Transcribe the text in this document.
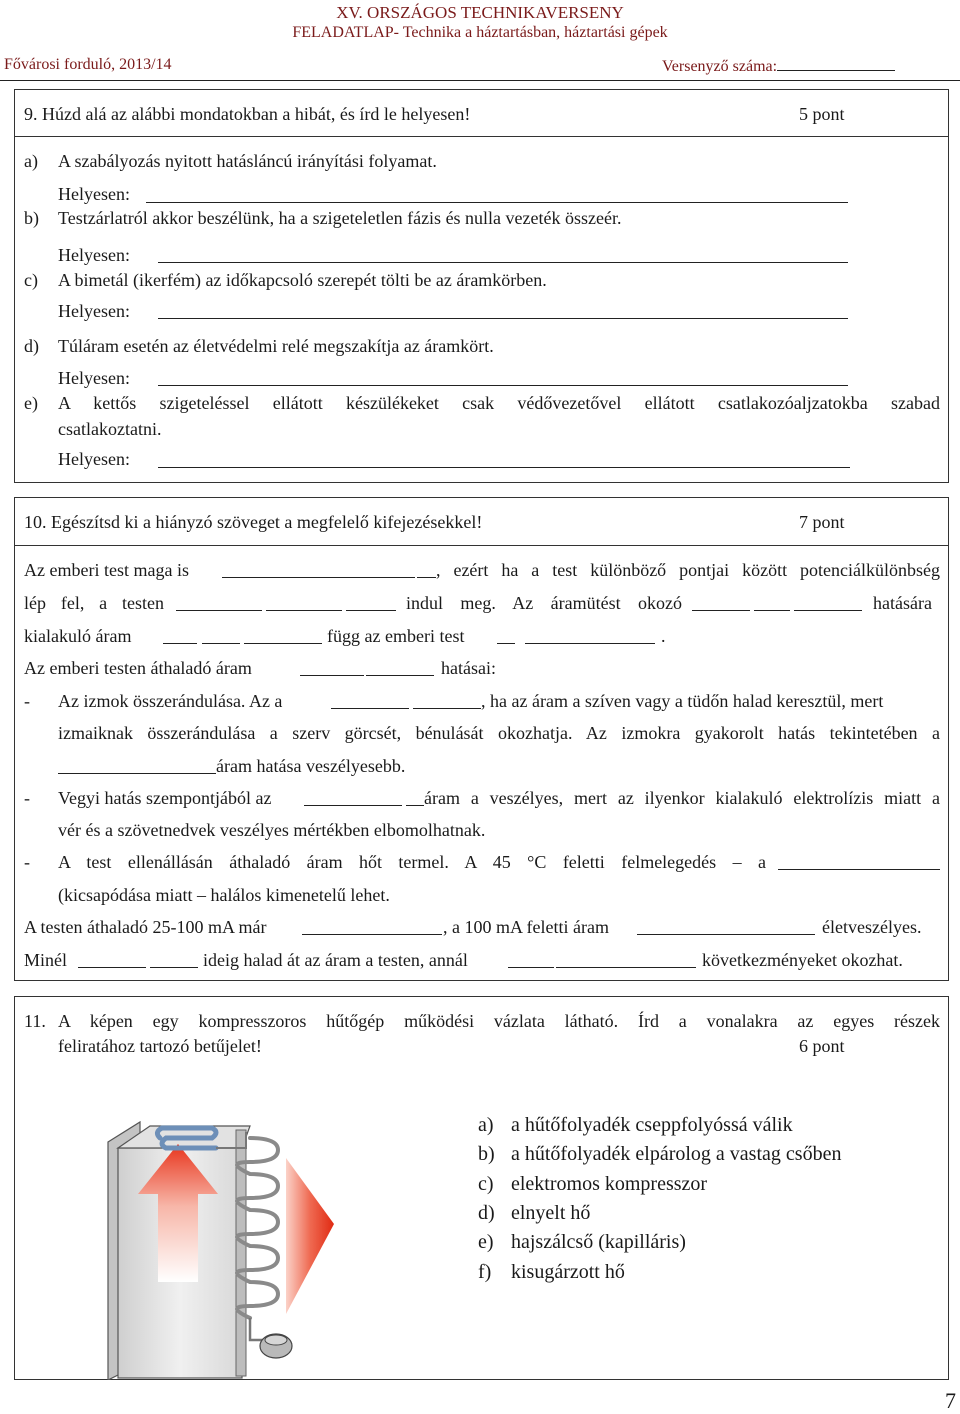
XV. ORSZÁGOS TECHNIKAVERSENY
FELADATLAP- Technika a háztartásban, háztartási gépek
Fővárosi forduló, 2013/14	Versenyző száma:
9. Húzd alá az alábbi mondatokban a hibát, és írd le helyesen!	5 pont
a) A szabályozás nyitott hatásláncú irányítási folyamat.
Helyesen:
b) Testzárlatról akkor beszélünk, ha a szigeteletlen fázis és nulla vezeték összeér.
Helyesen:
c) A bimetál (ikerfém) az időkapcsoló szerepét tölti be az áramkörben.
Helyesen:
d) Túláram esetén az életvédelmi relé megszakítja az áramkört.
Helyesen:
e) A kettős szigeteléssel ellátott készülékeket csak védővezetővel ellátott csatlakozóaljzatokba szabad
csatlakoztatni.
Helyesen:
10. Egészítsd ki a hiányzó szöveget a megfelelő kifejezésekkel!	7 pont
Az emberi test maga is	, ezért ha a test különböző pontjai között potenciálkülönbség
lép fel, a testen	indul meg. Az áramütést okozó	hatására
kialakuló áram	függ az emberi test	.
Az emberi testen áthaladó áram	hatásai:
- Az izmok összerándulása. Az a	, ha az áram a szíven vagy a tüdőn halad keresztül, mert
izmaiknak összerándulása a szerv görcsét, bénulását okozhatja. Az izmokra gyakorolt hatás tekintetében a
áram hatása veszélyesebb.
- Vegyi hatás szempontjából az	áram a veszélyes, mert az ilyenkor kialakuló elektrolízis miatt a
vér és a szövetnedvek veszélyes mértékben elbomolhatnak.
- A test ellenállásán áthaladó áram hőt termel. A 45 °C feletti felmelegedés – a
(kicsapódása miatt – halálos kimenetelű lehet.
A testen áthaladó 25-100 mA már	, a 100 mA feletti áram	életveszélyes.
Minél	ideig halad át az áram a testen, annál	következményeket okozhat.
11. A képen egy kompresszoros hűtőgép működési vázlata látható. Írd a vonalakra az egyes részek
feliratához tartozó betűjelet!	6 pont
a) a hűtőfolyadék cseppfolyóssá válik
b) a hűtőfolyadék elpárolog a vastag csőben
c) elektromos kompresszor
d) elnyelt hő
e) hajszálcső (kapilláris)
f) kisugárzott hő
7
